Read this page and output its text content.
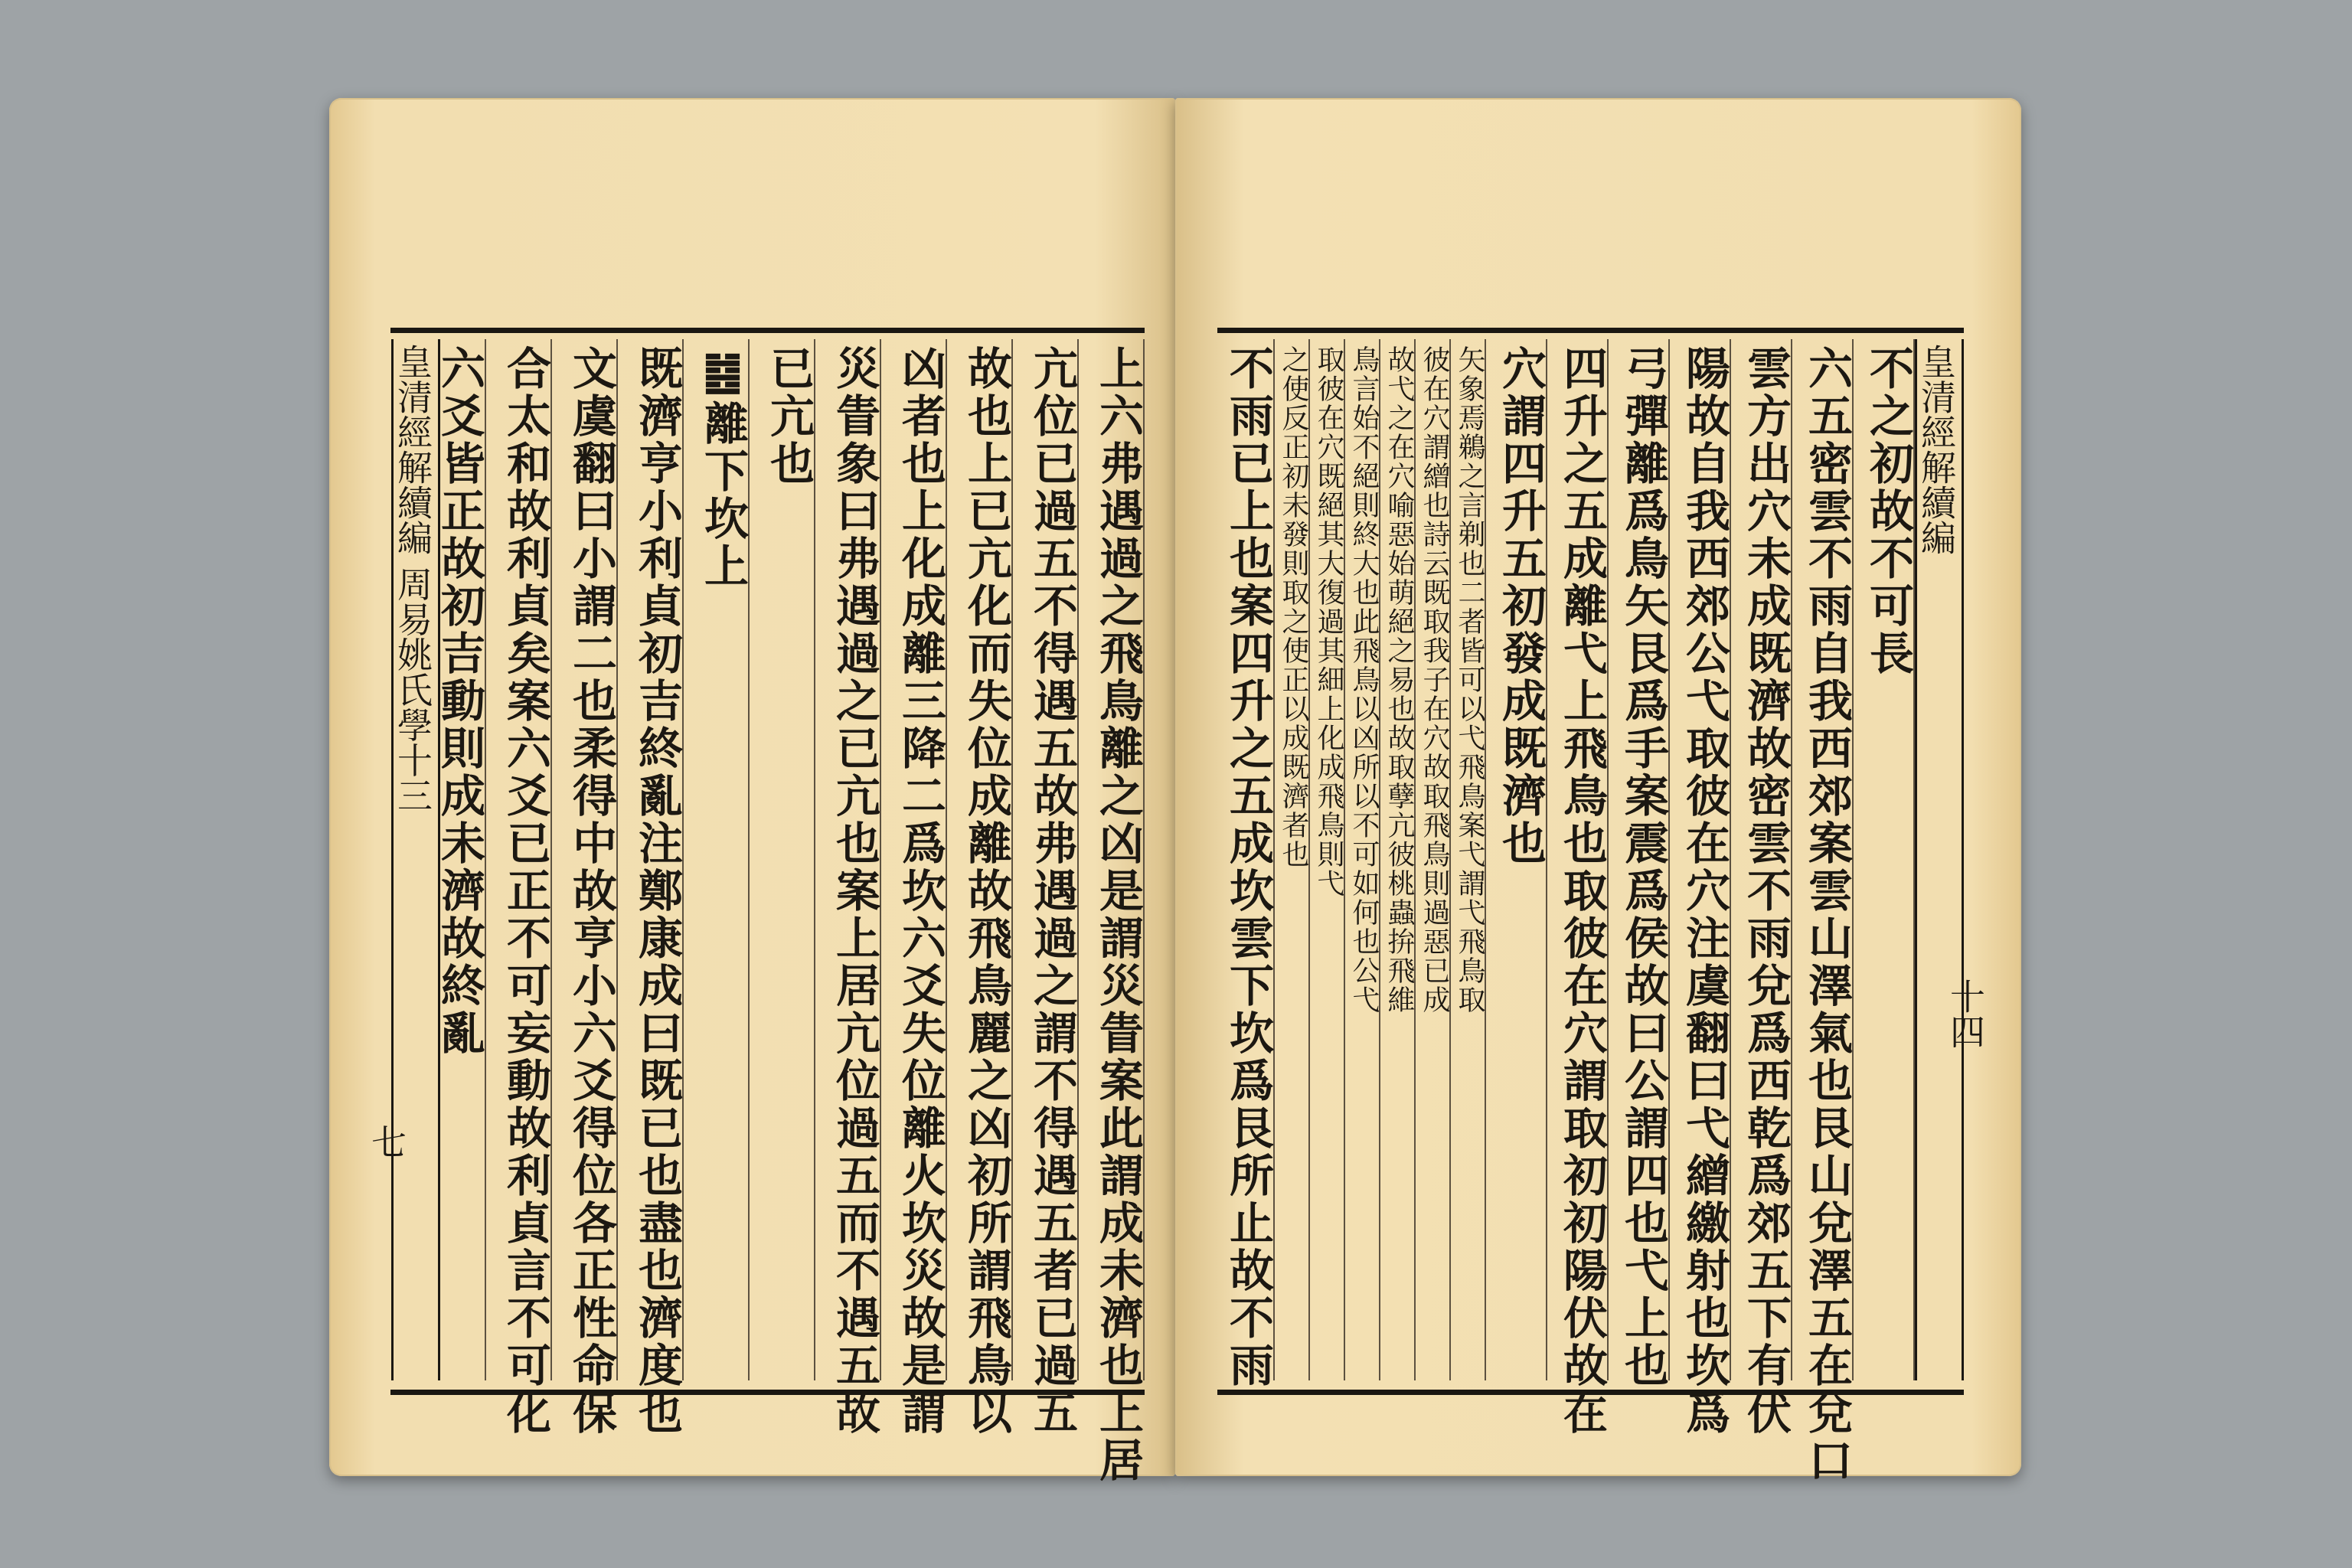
上六弗遇過之飛鳥離之凶是謂災眚案此謂成未濟也上居
亢位已過五不得遇五故弗遇過之謂不得遇五者已過五
故也上已亢化而失位成離故飛鳥麗之凶初所謂飛鳥以
凶者也上化成離三降二爲坎六爻失位離火坎災故是謂
災眚象曰弗遇過之已亢也案上居亢位過五而不遇五故
已亢也
䷾離下坎上
既濟亨小利貞初吉終亂注鄭康成曰既已也盡也濟度也
文虞翻曰小謂二也柔得中故亨小六爻得位各正性命保
合太和故利貞矣案六爻已正不可妄動故利貞言不可化
六爻皆正故初吉動則成未濟故終亂
皇清經解續編 周易姚氏學十三
七
皇清經解續編
不之初故不可長
六五密雲不雨自我西郊案雲山澤氣也艮山兌澤五在兌口
雲方出穴未成既濟故密雲不雨兌爲西乾爲郊五下有伏
陽故自我西郊公弋取彼在穴注虞翻曰弋繒繳射也坎爲
弓彈離爲鳥矢艮爲手案震爲侯故曰公謂四也弋上也
四升之五成離弋上飛鳥也取彼在穴謂取初初陽伏故在
穴謂四升五初發成既濟也
矢象焉鵜之言剃也二者皆可以弋飛鳥案弋謂弋飛鳥取
彼在穴謂繒也詩云既取我子在穴故取飛鳥則過惡已成
故弋之在穴喻惡始萌絕之易也故取孽亢彼桃蟲拚飛維
鳥言始不絕則終大也此飛鳥以凶所以不可如何也公弋
取彼在穴既絕其大復過其細上化成飛鳥則弋
之使反正初未發則取之使正以成既濟者也
不雨已上也案四升之五成坎雲下坎爲艮所止故不雨	十四
